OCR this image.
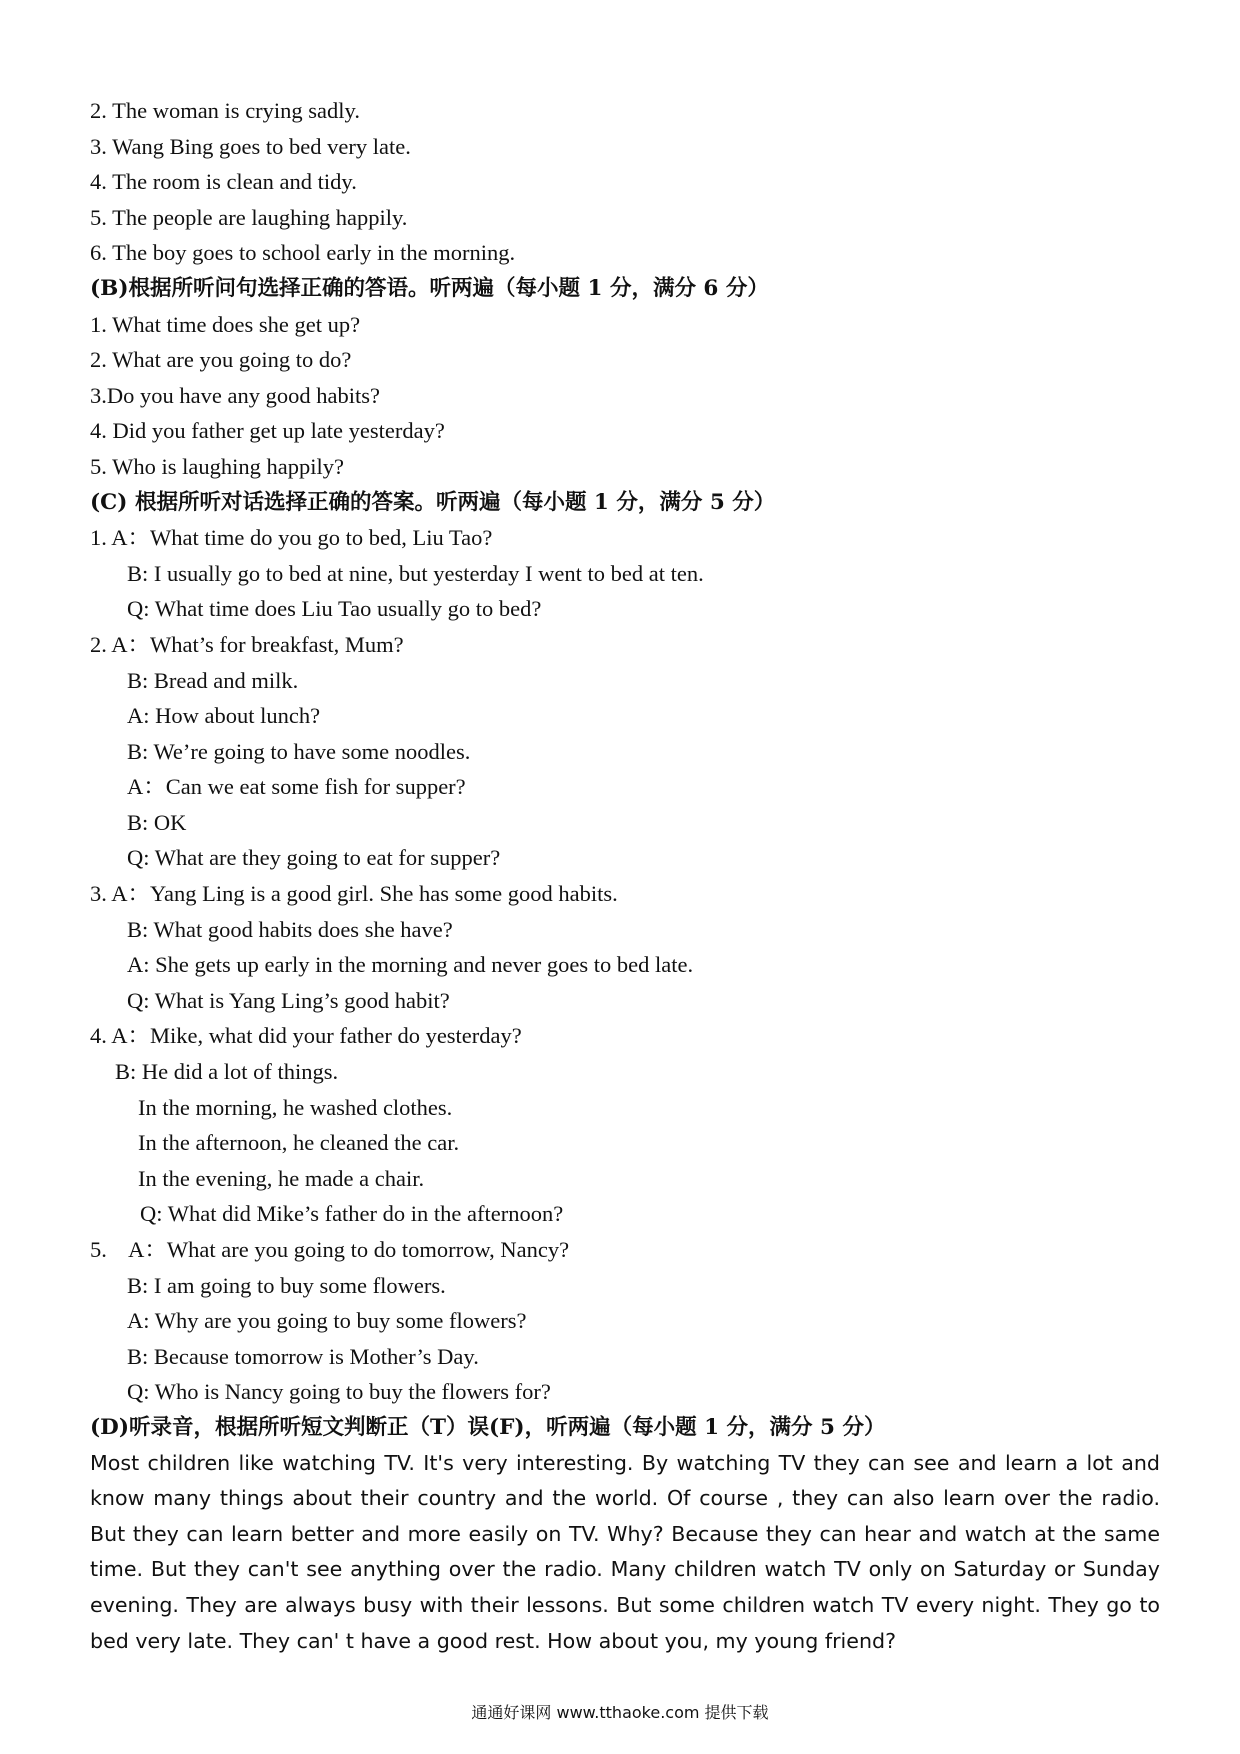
2. The woman is crying sadly.
3. Wang Bing goes to bed very late.
4. The room is clean and tidy.
5. The people are laughing happily.
6. The boy goes to school early in the morning.
(B)根据所听问句选择正确的答语。听两遍（每小题 1 分，满分 6 分）
1. What time does she get up?
2. What are you going to do?
3.Do you have any good habits?
4. Did you father get up late yesterday?
5. Who is laughing happily?
(C) 根据所听对话选择正确的答案。听两遍（每小题 1 分，满分 5 分）
1. A：What time do you go to bed, Liu Tao?
B: I usually go to bed at nine, but yesterday I went to bed at ten.
Q: What time does Liu Tao usually go to bed?
2. A：What’s for breakfast, Mum?
B: Bread and milk.
A: How about lunch?
B: We’re going to have some noodles.
A：Can we eat some fish for supper?
B: OK
Q: What are they going to eat for supper?
3. A：Yang Ling is a good girl. She has some good habits.
B: What good habits does she have?
A: She gets up early in the morning and never goes to bed late.
Q: What is Yang Ling’s good habit?
4. A：Mike, what did your father do yesterday?
B: He did a lot of things.
In the morning, he washed clothes.
In the afternoon, he cleaned the car.
In the evening, he made a chair.
Q: What did Mike’s father do in the afternoon?
5.    A：What are you going to do tomorrow, Nancy?
B: I am going to buy some flowers.
A: Why are you going to buy some flowers?
B: Because tomorrow is Mother’s Day.
Q: Who is Nancy going to buy the flowers for?
(D)听录音，根据所听短文判断正（T）误(F)，听两遍（每小题 1 分，满分 5 分）

Most children like watching TV. It's very interesting. By watching TV they can see and learn a lot and know many things about their country and the world. Of course , they can also learn over the radio. But they can learn better and more easily on TV. Why? Because they can hear and watch at the same time. But they can't see anything over the radio. Many children watch TV only on Saturday or Sunday evening. They are always busy with their lessons. But some children watch TV every night. They go to bed very late. They can' t have a good rest. How about you, my young friend?

通通好课网 www.tthaoke.com 提供下载
